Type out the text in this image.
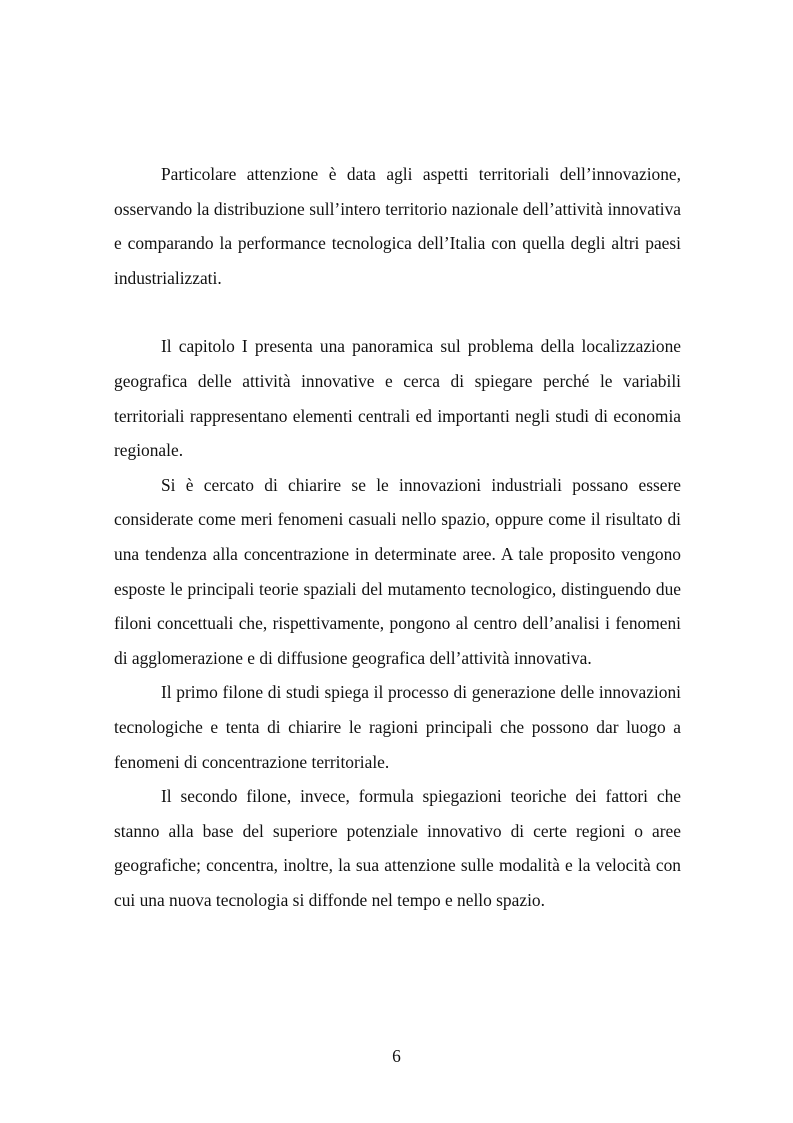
Particolare attenzione è data agli aspetti territoriali dell’innovazione, osservando la distribuzione sull’intero territorio nazionale dell’attività innovativa e comparando la performance tecnologica dell’Italia con quella degli altri paesi industrializzati.

Il capitolo I presenta una panoramica sul problema della localizzazione geografica delle attività innovative e cerca di spiegare perché le variabili territoriali rappresentano elementi centrali ed importanti negli studi di economia regionale.

Si è cercato di chiarire se le innovazioni industriali possano essere considerate come meri fenomeni casuali nello spazio, oppure come il risultato di una tendenza alla concentrazione in determinate aree. A tale proposito vengono esposte le principali teorie spaziali del mutamento tecnologico, distinguendo due filoni concettuali che, rispettivamente, pongono al centro dell’analisi i fenomeni di agglomerazione e di diffusione geografica dell’attività innovativa.

Il primo filone di studi spiega il processo di generazione delle innovazioni tecnologiche e tenta di chiarire le ragioni principali che possono dar luogo a fenomeni di concentrazione territoriale.

Il secondo filone, invece, formula spiegazioni teoriche dei fattori che stanno alla base del superiore potenziale innovativo di certe regioni o aree geografiche; concentra, inoltre, la sua attenzione sulle modalità e la velocità con cui una nuova tecnologia si diffonde nel tempo e nello spazio.

6
